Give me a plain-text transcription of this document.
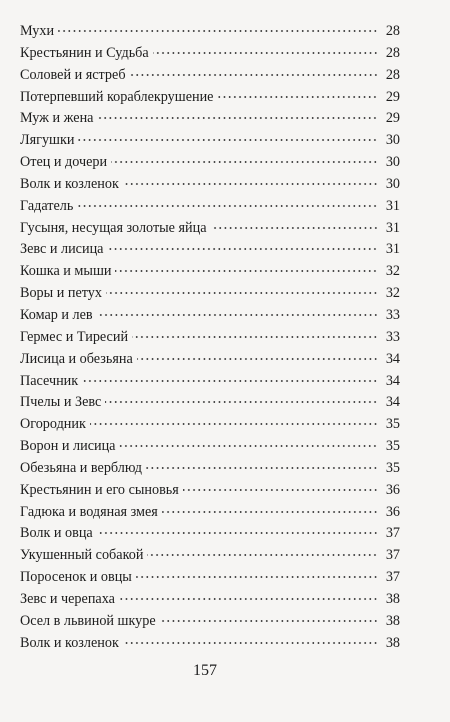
Мухи	28
Крестьянин и Судьба	28
Соловей и ястреб	28
Потерпевший кораблекрушение	29
Муж и жена	29
Лягушки	30
Отец и дочери	30
Волк и козленок	30
Гадатель	31
Гусыня, несущая золотые яйца	31
Зевс и лисица	31
Кошка и мыши	32
Воры и петух	32
Комар и лев	33
Гермес и Тиресий	33
Лисица и обезьяна	34
Пасечник	34
Пчелы и Зевс	34
Огородник	35
Ворон и лисица	35
Обезьяна и верблюд	35
Крестьянин и его сыновья	36
Гадюка и водяная змея	36
Волк и овца	37
Укушенный собакой	37
Поросенок и овцы	37
Зевс и черепаха	38
Осел в львиной шкуре	38
Волк и козленок	38
157
